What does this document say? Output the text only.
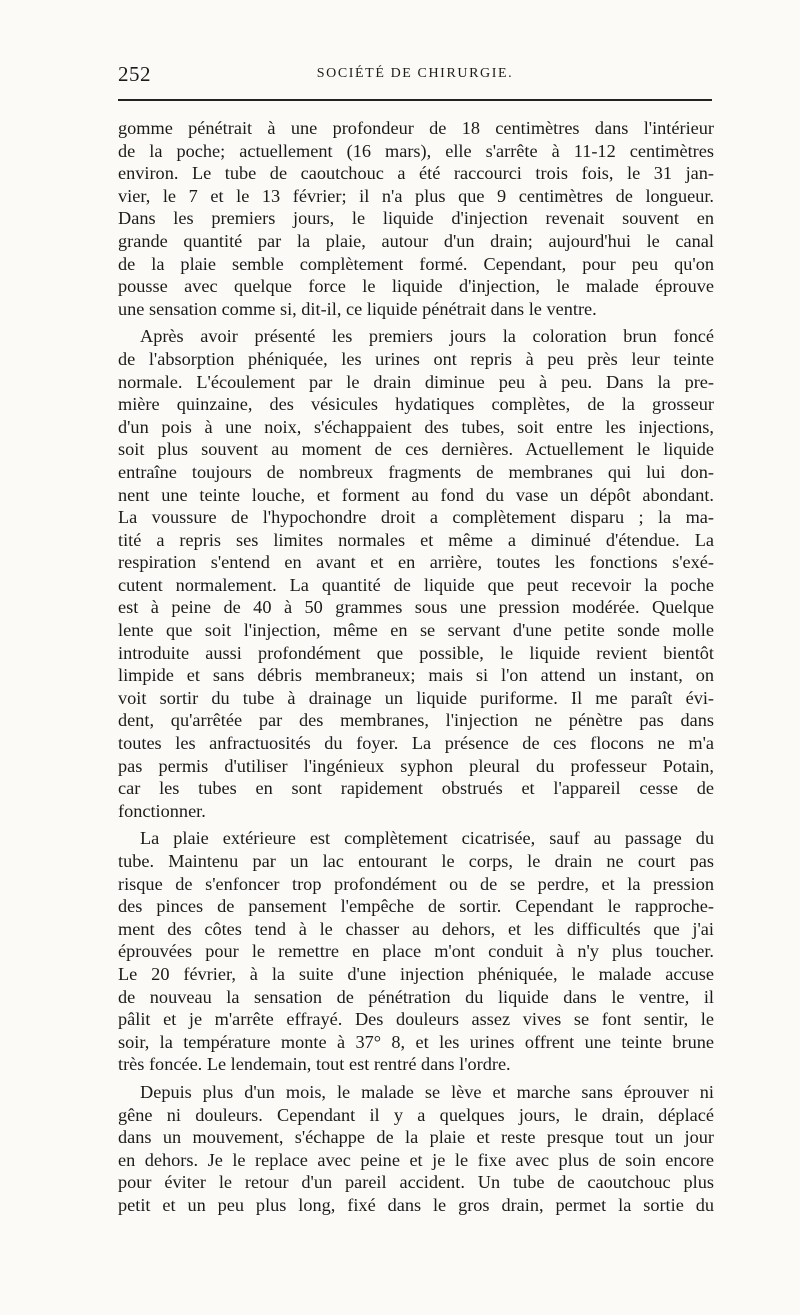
252	SOCIÉTÉ DE CHIRURGIE.
gomme pénétrait à une profondeur de 18 centimètres dans l'intérieur
de la poche; actuellement (16 mars), elle s'arrête à 11-12 centimètres
environ. Le tube de caoutchouc a été raccourci trois fois, le 31 jan-
vier, le 7 et le 13 février; il n'a plus que 9 centimètres de longueur.
Dans les premiers jours, le liquide d'injection revenait souvent en
grande quantité par la plaie, autour d'un drain; aujourd'hui le canal
de la plaie semble complètement formé. Cependant, pour peu qu'on
pousse avec quelque force le liquide d'injection, le malade éprouve
une sensation comme si, dit-il, ce liquide pénétrait dans le ventre.
Après avoir présenté les premiers jours la coloration brun foncé
de l'absorption phéniquée, les urines ont repris à peu près leur teinte
normale. L'écoulement par le drain diminue peu à peu. Dans la pre-
mière quinzaine, des vésicules hydatiques complètes, de la grosseur
d'un pois à une noix, s'échappaient des tubes, soit entre les injections,
soit plus souvent au moment de ces dernières. Actuellement le liquide
entraîne toujours de nombreux fragments de membranes qui lui don-
nent une teinte louche, et forment au fond du vase un dépôt abondant.
La voussure de l'hypochondre droit a complètement disparu ; la ma-
tité a repris ses limites normales et même a diminué d'étendue. La
respiration s'entend en avant et en arrière, toutes les fonctions s'exé-
cutent normalement. La quantité de liquide que peut recevoir la poche
est à peine de 40 à 50 grammes sous une pression modérée. Quelque
lente que soit l'injection, même en se servant d'une petite sonde molle
introduite aussi profondément que possible, le liquide revient bientôt
limpide et sans débris membraneux; mais si l'on attend un instant, on
voit sortir du tube à drainage un liquide puriforme. Il me paraît évi-
dent, qu'arrêtée par des membranes, l'injection ne pénètre pas dans
toutes les anfractuosités du foyer. La présence de ces flocons ne m'a
pas permis d'utiliser l'ingénieux syphon pleural du professeur Potain,
car les tubes en sont rapidement obstrués et l'appareil cesse de
fonctionner.
La plaie extérieure est complètement cicatrisée, sauf au passage du
tube. Maintenu par un lac entourant le corps, le drain ne court pas
risque de s'enfoncer trop profondément ou de se perdre, et la pression
des pinces de pansement l'empêche de sortir. Cependant le rapproche-
ment des côtes tend à le chasser au dehors, et les difficultés que j'ai
éprouvées pour le remettre en place m'ont conduit à n'y plus toucher.
Le 20 février, à la suite d'une injection phéniquée, le malade accuse
de nouveau la sensation de pénétration du liquide dans le ventre, il
pâlit et je m'arrête effrayé. Des douleurs assez vives se font sentir, le
soir, la température monte à 37° 8, et les urines offrent une teinte brune
très foncée. Le lendemain, tout est rentré dans l'ordre.
Depuis plus d'un mois, le malade se lève et marche sans éprouver ni
gêne ni douleurs. Cependant il y a quelques jours, le drain, déplacé
dans un mouvement, s'échappe de la plaie et reste presque tout un jour
en dehors. Je le replace avec peine et je le fixe avec plus de soin encore
pour éviter le retour d'un pareil accident. Un tube de caoutchouc plus
petit et un peu plus long, fixé dans le gros drain, permet la sortie du
